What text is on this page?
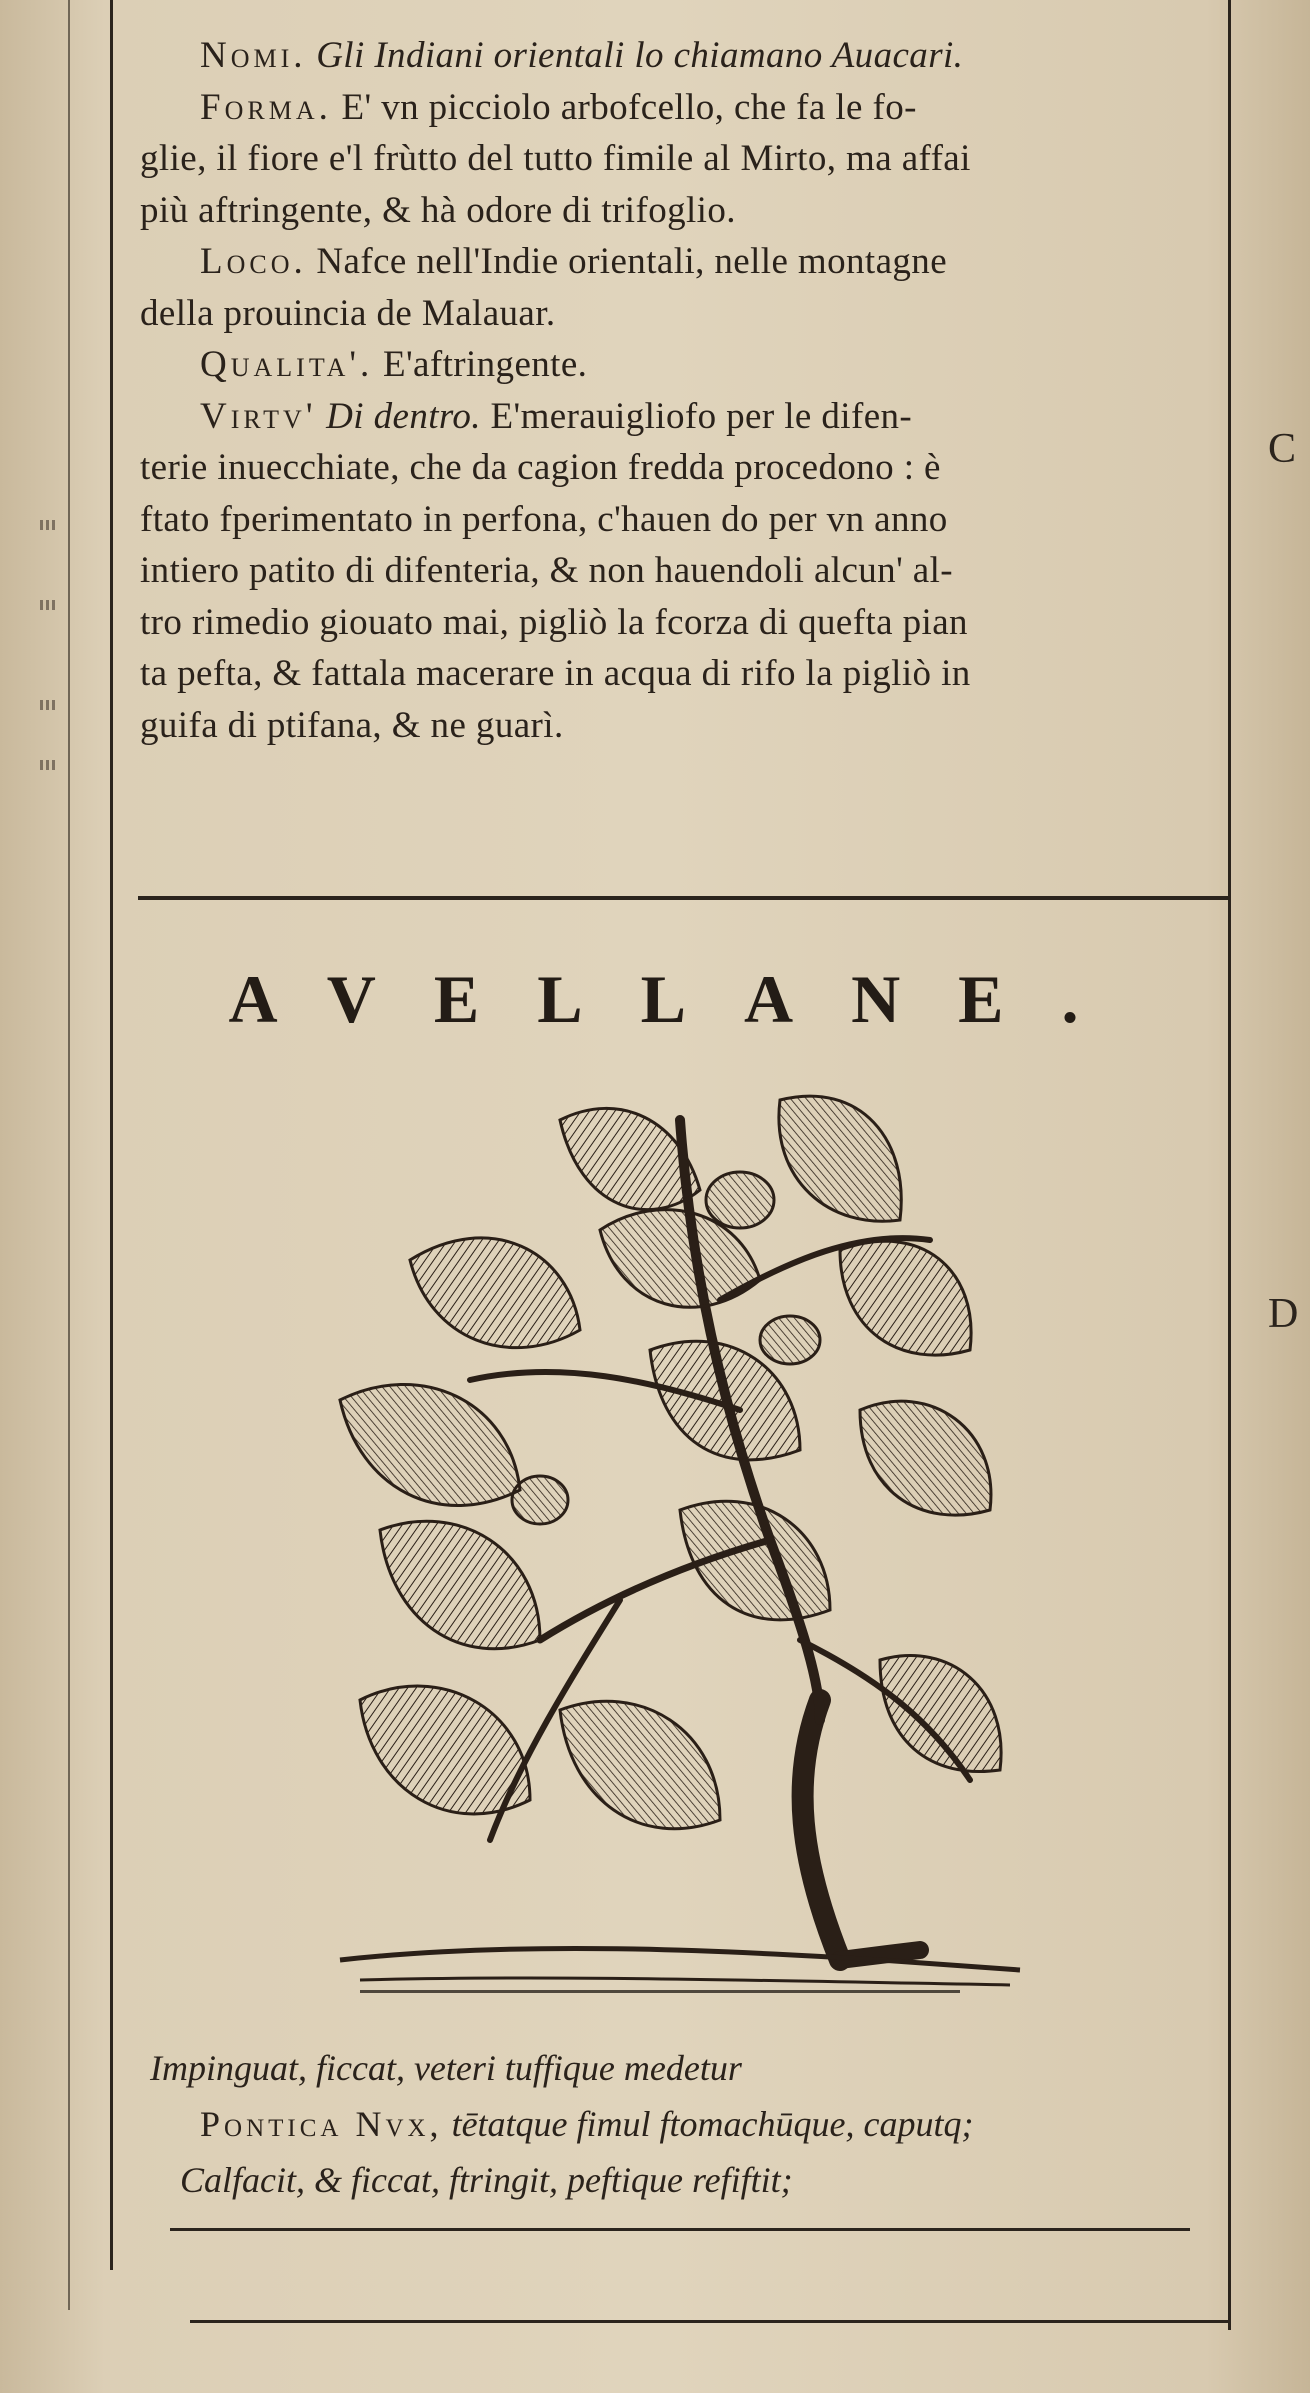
C
D

Nomi. Gli Indiani orientali lo chiamano Auacari.

Forma. E' vn picciolo arbofcello, che fa le fo-
glie, il fiore e'l frùtto del tutto fimile al Mirto, ma affai
più aftringente, & hà odore di trifoglio.

Loco. Nafce nell'Indie orientali, nelle montagne
della prouincia de Malauar.

Qualita'. E'aftringente.

Virtv' Di dentro. E'merauigliofo per le difen-
terie inuecchiate, che da cagion fredda procedono : è
ftato fperimentato in perfona, c'hauen do per vn anno
intiero patito di difenteria, & non hauendoli alcun' al-
tro rimedio giouato mai, pigliò la fcorza di quefta pian
ta pefta, & fattala macerare in acqua di rifo la pigliò in
guifa di ptifana, & ne guarì.

AVELLANE.
Impinguat, ficcat, veteri tuffique medetur
Pontica Nvx, tētatque fimul ftomachūque, caputq;
Calfacit, & ficcat, ftringit, peftique refiftit;
